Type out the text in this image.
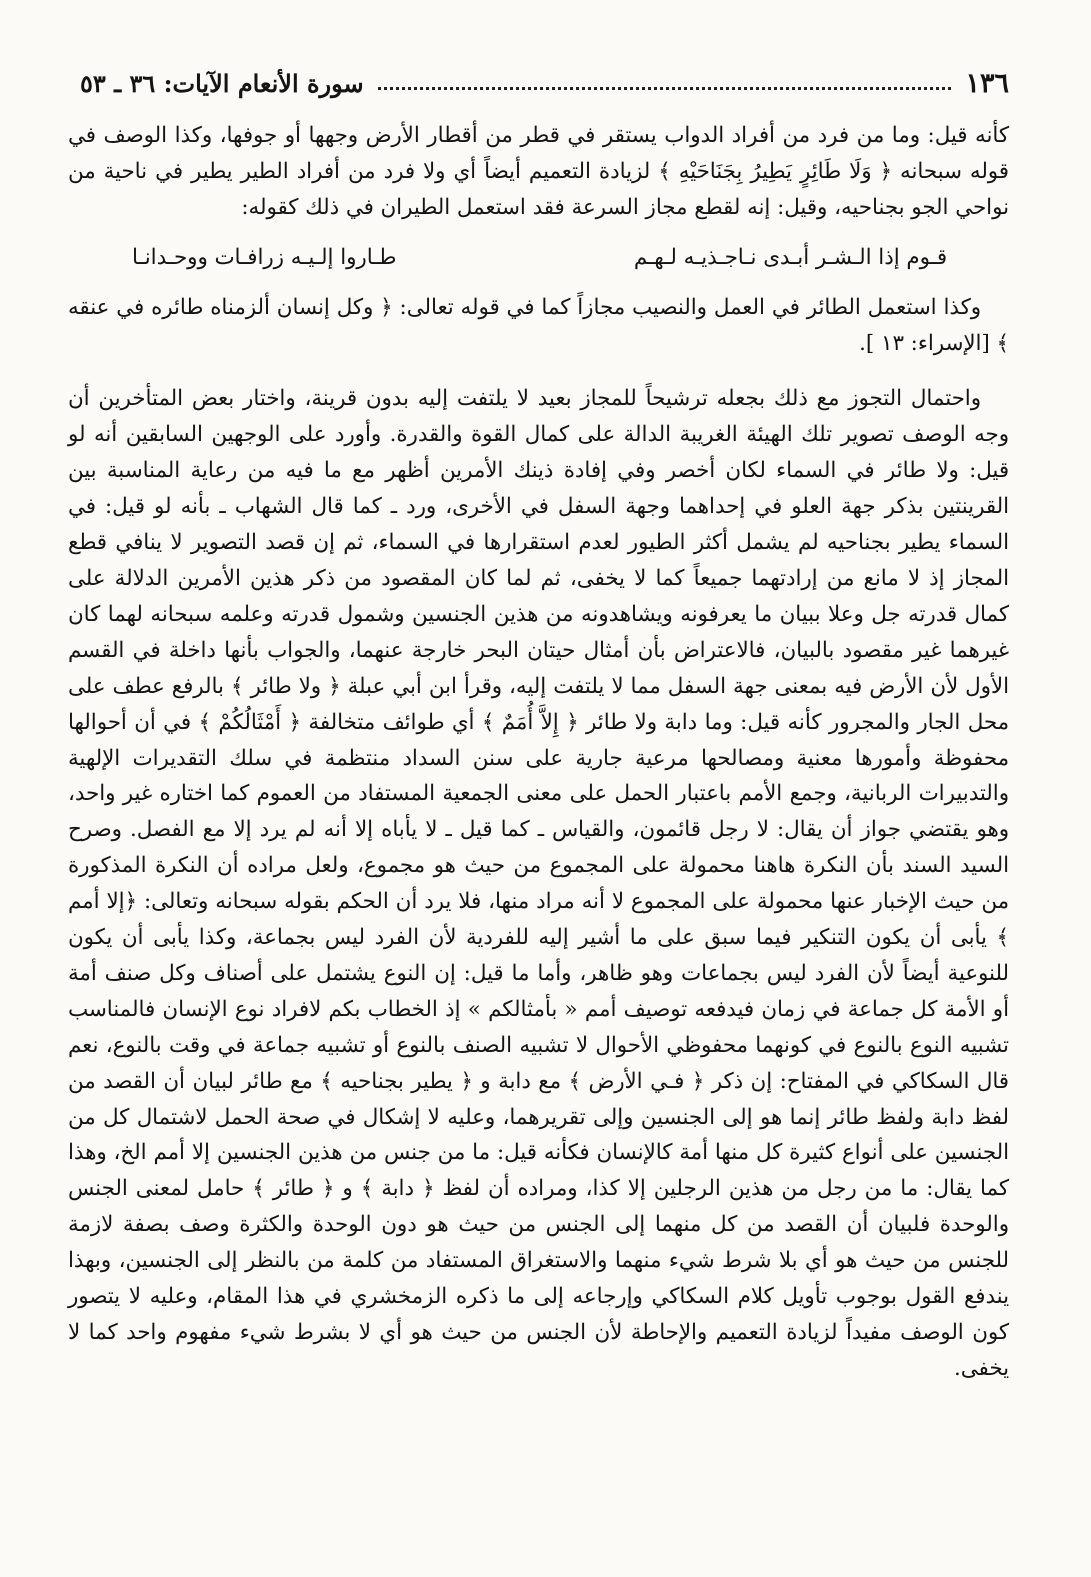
١٣٦
سورة الأنعام الآيات: ٣٦ ـ ٥٣

كأنه قيل: وما من فرد من أفراد الدواب يستقر في قطر من أقطار الأرض وجهها أو جوفها، وكذا الوصف في قوله سبحانه ﴿ وَلَا طَائِرٍ يَطِيرُ بِجَنَاحَيْهِ ﴾ لزيادة التعميم أيضاً أي ولا فرد من أفراد الطير يطير في ناحية من نواحي الجو بجناحيه، وقيل: إنه لقطع مجاز السرعة فقد استعمل الطيران في ذلك كقوله:

قـوم إذا الـشـر أبـدى نـاجـذيـه لـهـم
طـاروا إلـيـه زرافـات ووحـدانـا

وكذا استعمل الطائر في العمل والنصيب مجازاً كما في قوله تعالى: ﴿ وكل إنسان ألزمناه طائره في عنقه ﴾ [الإسراء: ١٣ ].

واحتمال التجوز مع ذلك بجعله ترشيحاً للمجاز بعيد لا يلتفت إليه بدون قرينة، واختار بعض المتأخرين أن وجه الوصف تصوير تلك الهيئة الغريبة الدالة على كمال القوة والقدرة. وأورد على الوجهين السابقين أنه لو قيل: ولا طائر في السماء لكان أخصر وفي إفادة ذينك الأمرين أظهر مع ما فيه من رعاية المناسبة بين القرينتين بذكر جهة العلو في إحداهما وجهة السفل في الأخرى، ورد ـ كما قال الشهاب ـ بأنه لو قيل: في السماء يطير بجناحيه لم يشمل أكثر الطيور لعدم استقرارها في السماء، ثم إن قصد التصوير لا ينافي قطع المجاز إذ لا مانع من إرادتهما جميعاً كما لا يخفى، ثم لما كان المقصود من ذكر هذين الأمرين الدلالة على كمال قدرته جل وعلا ببيان ما يعرفونه ويشاهدونه من هذين الجنسين وشمول قدرته وعلمه سبحانه لهما كان غيرهما غير مقصود بالبيان، فالاعتراض بأن أمثال حيتان البحر خارجة عنهما، والجواب بأنها داخلة في القسم الأول لأن الأرض فيه بمعنى جهة السفل مما لا يلتفت إليه، وقرأ ابن أبي عبلة ﴿ ولا طائر ﴾ بالرفع عطف على محل الجار والمجرور كأنه قيل: وما دابة ولا طائر ﴿ إِلاَّ أُمَمٌ ﴾ أي طوائف متخالفة ﴿ أَمْثَالُكُمْ ﴾ في أن أحوالها محفوظة وأمورها معنية ومصالحها مرعية جارية على سنن السداد منتظمة في سلك التقديرات الإلهية والتدبيرات الربانية، وجمع الأمم باعتبار الحمل على معنى الجمعية المستفاد من العموم كما اختاره غير واحد، وهو يقتضي جواز أن يقال: لا رجل قائمون، والقياس ـ كما قيل ـ لا يأباه إلا أنه لم يرد إلا مع الفصل. وصرح السيد السند بأن النكرة هاهنا محمولة على المجموع من حيث هو مجموع، ولعل مراده أن النكرة المذكورة من حيث الإخبار عنها محمولة على المجموع لا أنه مراد منها، فلا يرد أن الحكم بقوله سبحانه وتعالى: ﴿إلا أمم ﴾ يأبى أن يكون التنكير فيما سبق على ما أشير إليه للفردية لأن الفرد ليس بجماعة، وكذا يأبى أن يكون للنوعية أيضاً لأن الفرد ليس بجماعات وهو ظاهر، وأما ما قيل: إن النوع يشتمل على أصناف وكل صنف أمة أو الأمة كل جماعة في زمان فيدفعه توصيف أمم « بأمثالكم » إذ الخطاب بكم لافراد نوع الإنسان فالمناسب تشبيه النوع بالنوع في كونهما محفوظي الأحوال لا تشبيه الصنف بالنوع أو تشبيه جماعة في وقت بالنوع، نعم قال السكاكي في المفتاح: إن ذكر ﴿ فـي الأرض ﴾ مع دابة و ﴿ يطير بجناحيه ﴾ مع طائر لبيان أن القصد من لفظ دابة ولفظ طائر إنما هو إلى الجنسين وإلى تقريرهما، وعليه لا إشكال في صحة الحمل لاشتمال كل من الجنسين على أنواع كثيرة كل منها أمة كالإنسان فكأنه قيل: ما من جنس من هذين الجنسين إلا أمم الخ، وهذا كما يقال: ما من رجل من هذين الرجلين إلا كذا، ومراده أن لفظ ﴿ دابة ﴾ و ﴿ طائر ﴾ حامل لمعنى الجنس والوحدة فلبيان أن القصد من كل منهما إلى الجنس من حيث هو دون الوحدة والكثرة وصف بصفة لازمة للجنس من حيث هو أي بلا شرط شيء منهما والاستغراق المستفاد من كلمة من بالنظر إلى الجنسين، وبهذا يندفع القول بوجوب تأويل كلام السكاكي وإرجاعه إلى ما ذكره الزمخشري في هذا المقام، وعليه لا يتصور كون الوصف مفيداً لزيادة التعميم والإحاطة لأن الجنس من حيث هو أي لا بشرط شيء مفهوم واحد كما لا يخفى.
